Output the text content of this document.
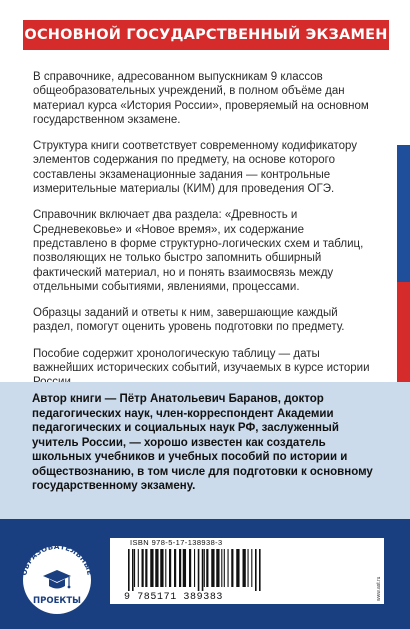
ОСНОВНОЙ ГОСУДАРСТВЕННЫЙ ЭКЗАМЕН

В справочнике, адресованном выпускникам 9 классов общеобразовательных учреждений, в полном объёме дан материал курса «История России», проверяемый на основном государственном экзамене.

Структура книги соответствует современному кодификатору элементов содержания по предмету, на основе которого составлены экзаменационные задания — контрольные измерительные материалы (КИМ) для проведения ОГЭ.

Справочник включает два раздела: «Древность и Средневековье» и «Новое время», их содержание представлено в форме структурно-логических схем и таблиц, позволяющих не только быстро запомнить обширный фактический материал, но и понять взаимосвязь между отдельными событиями, явлениями, процессами.

Образцы заданий и ответы к ним, завершающие каждый раздел, помогут оценить уровень подготовки по предмету.

Пособие содержит хронологическую таблицу — даты важнейших исторических событий, изучаемых в курсе истории

Автор книги — Пётр Анатольевич Баранов, доктор педагогических наук, член-корреспондент Академии педагогических и социальных наук РФ, заслуженный учитель России, — хорошо известен как создатель школьных учебников и учебных пособий по истории и обществознанию, в том числе для подготовки к основному государственному экзамену.
ОБРАЗОВАТЕЛЬНЫЕ
ПРОЕКТЫ
ISBN 978-5-17-138938-3
9 785171 389383	www.ast.ru
